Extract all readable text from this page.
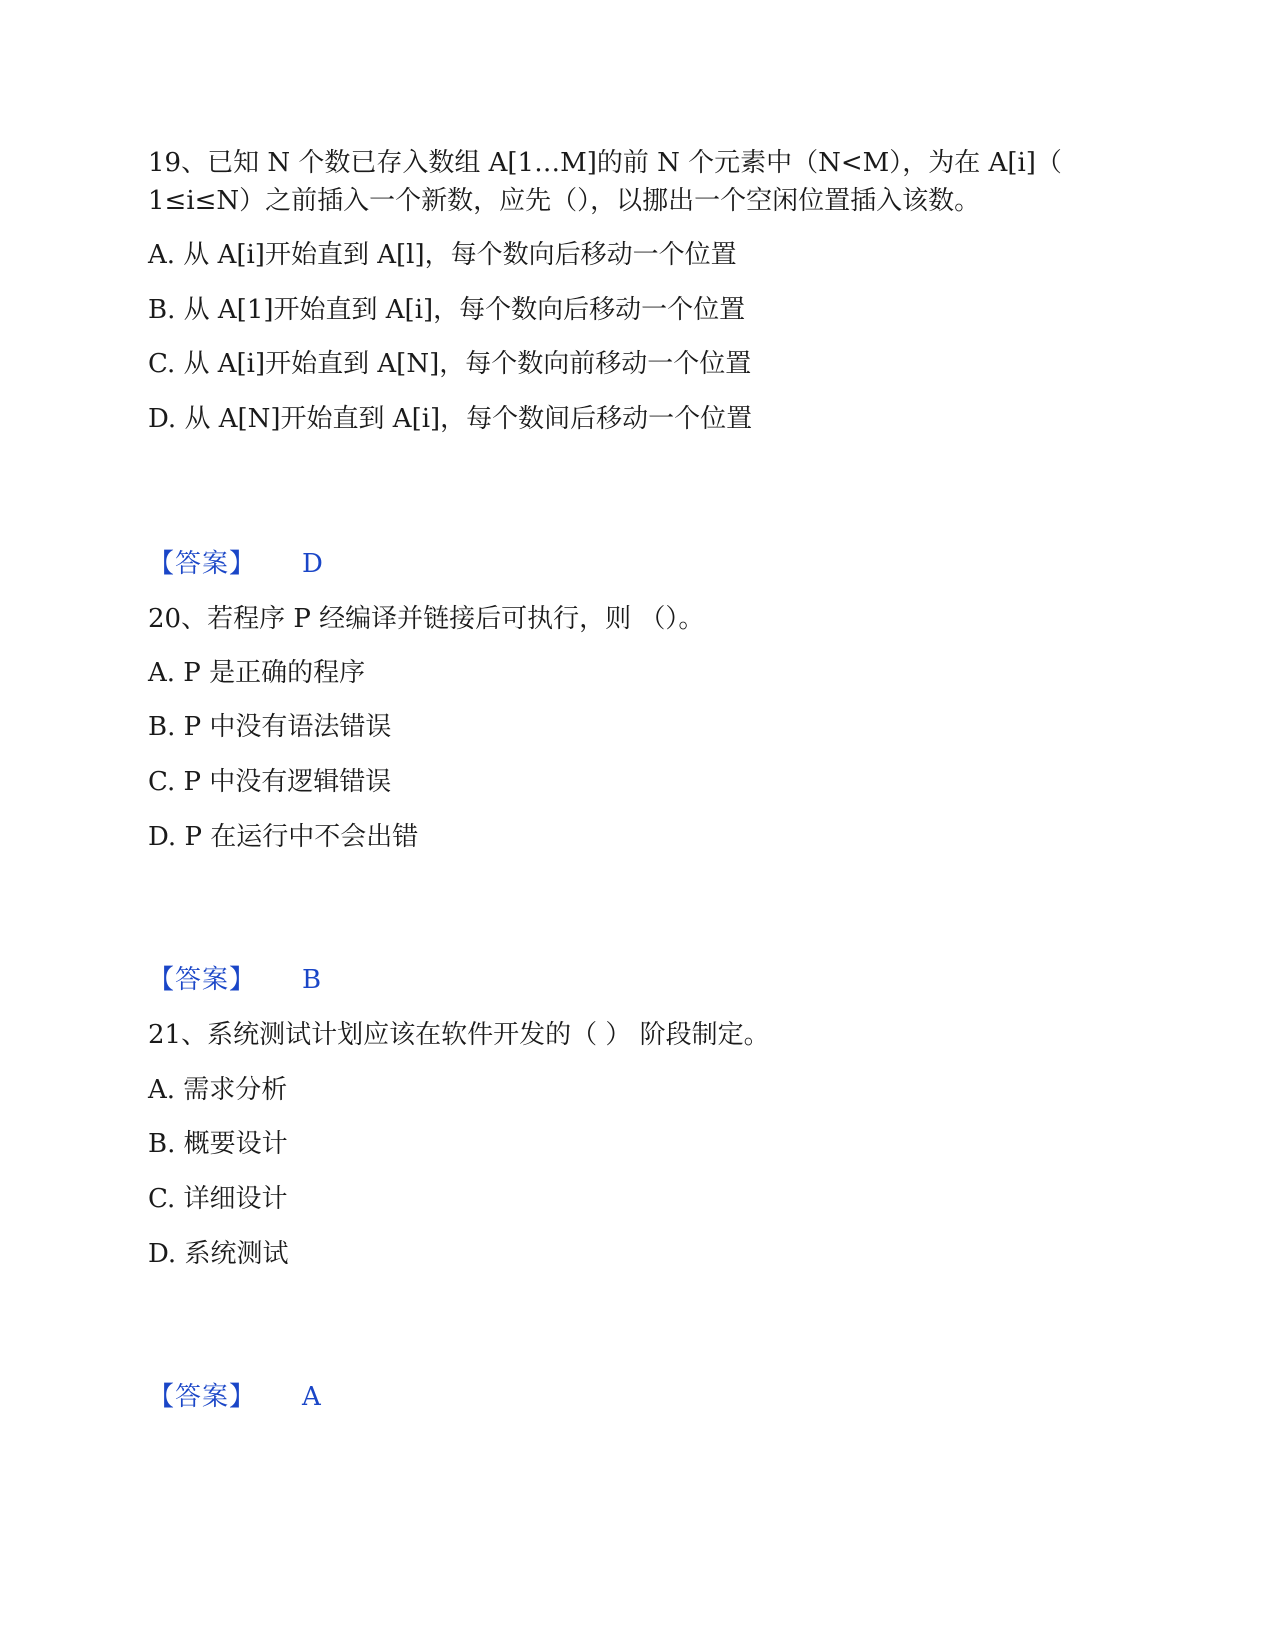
19、已知 N 个数已存入数组 A[1…M]的前 N 个元素中（N<M），为在 A[i]（

1≤i≤N）之前插入一个新数，应先（），以挪出一个空闲位置插入该数。

A. 从 A[i]开始直到 A[l]，每个数向后移动一个位置

B. 从 A[1]开始直到 A[i]，每个数向后移动一个位置

C. 从 A[i]开始直到 A[N]，每个数向前移动一个位置

D. 从 A[N]开始直到 A[i]，每个数间后移动一个位置

【答案】 D

20、若程序 P 经编译并链接后可执行，则 （）。

A. P 是正确的程序

B. P 中没有语法错误

C. P 中没有逻辑错误

D. P 在运行中不会出错

【答案】 B

21、系统测试计划应该在软件开发的（ ） 阶段制定。

A. 需求分析

B. 概要设计

C. 详细设计

D. 系统测试

【答案】 A
